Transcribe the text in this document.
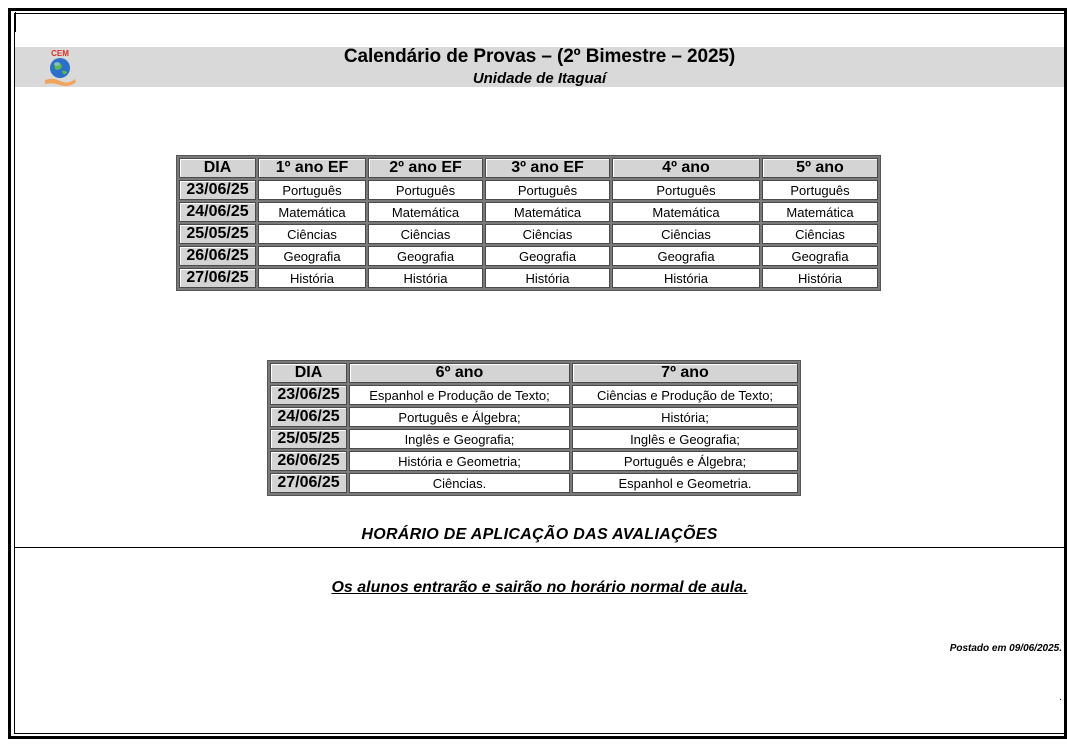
CEM	Calendário de Provas – (2º Bimestre – 2025)
Unidade de Itaguaí
DIA	1º ano EF	2º ano EF	3º ano EF	4º ano	5º ano
23/06/25	Português	Português	Português	Português	Português
24/06/25	Matemática	Matemática	Matemática	Matemática	Matemática
25/05/25	Ciências	Ciências	Ciências	Ciências	Ciências
26/06/25	Geografia	Geografia	Geografia	Geografia	Geografia
27/06/25	História	História	História	História	História
DIA	6º ano	7º ano
23/06/25	Espanhol e Produção de Texto;	Ciências e Produção de Texto;
24/06/25	Português e Álgebra;	História;
25/05/25	Inglês e Geografia;	Inglês e Geografia;
26/06/25	História e Geometria;	Português e Álgebra;
27/06/25	Ciências.	Espanhol e Geometria.
HORÁRIO DE APLICAÇÃO DAS AVALIAÇÕES
Os alunos entrarão e sairão no horário normal de aula.
Postado em 09/06/2025.
.
